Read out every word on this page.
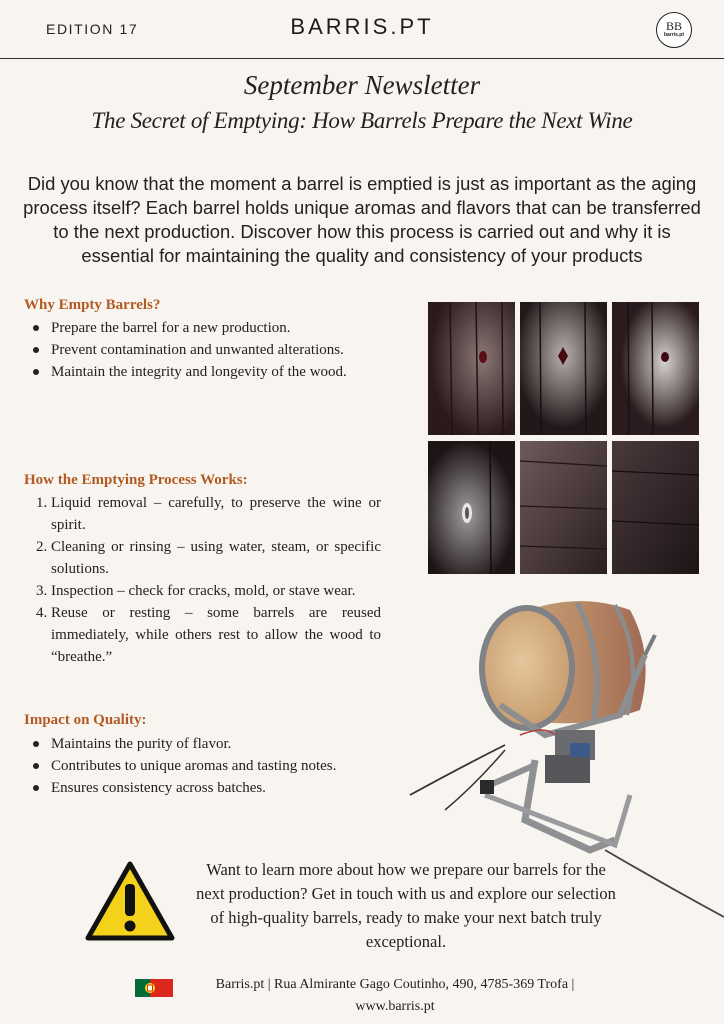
EDITION 17	BARRIS.PT	BB
barris.pt
September Newsletter
The Secret of Emptying: How Barrels Prepare the Next Wine
Did you know that the moment a barrel is emptied is just as important as the aging process itself? Each barrel holds unique aromas and flavors that can be transferred to the next production. Discover how this process is carried out and why it is essential for maintaining the quality and consistency of your products
Why Empty Barrels?
Prepare the barrel for a new production.
Prevent contamination and unwanted alterations.
Maintain the integrity and longevity of the wood.
How the Emptying Process Works:
1. Liquid removal – carefully, to preserve the wine or spirit.
2. Cleaning or rinsing – using water, steam, or specific solutions.
3. Inspection – check for cracks, mold, or stave wear.
4. Reuse or resting – some barrels are reused immediately, while others rest to allow the wood to “breathe.”
Impact on Quality:
Maintains the purity of flavor.
Contributes to unique aromas and tasting notes.
Ensures consistency across batches.
Want to learn more about how we prepare our barrels for the next production? Get in touch with us and explore our selection of high-quality barrels, ready to make your next batch truly exceptional.
Barris.pt | Rua Almirante Gago Coutinho, 490, 4785-369 Trofa | www.barris.pt
